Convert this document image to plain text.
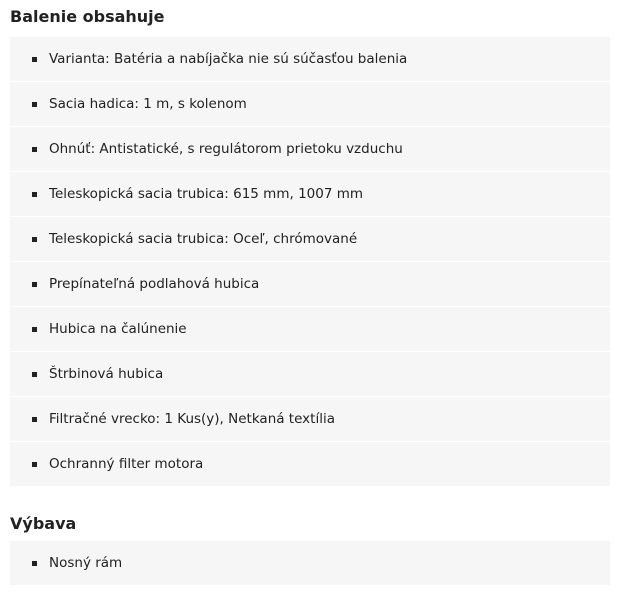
Balenie obsahuje
Varianta: Batéria a nabíjačka nie sú súčasťou balenia
Sacia hadica: 1 m, s kolenom
Ohnúť: Antistatické, s regulátorom prietoku vzduchu
Teleskopická sacia trubica: 615 mm, 1007 mm
Teleskopická sacia trubica: Oceľ, chrómované
Prepínateľná podlahová hubica
Hubica na čalúnenie
Štrbinová hubica
Filtračné vrecko: 1 Kus(y), Netkaná textília
Ochranný filter motora
Výbava
Nosný rám
